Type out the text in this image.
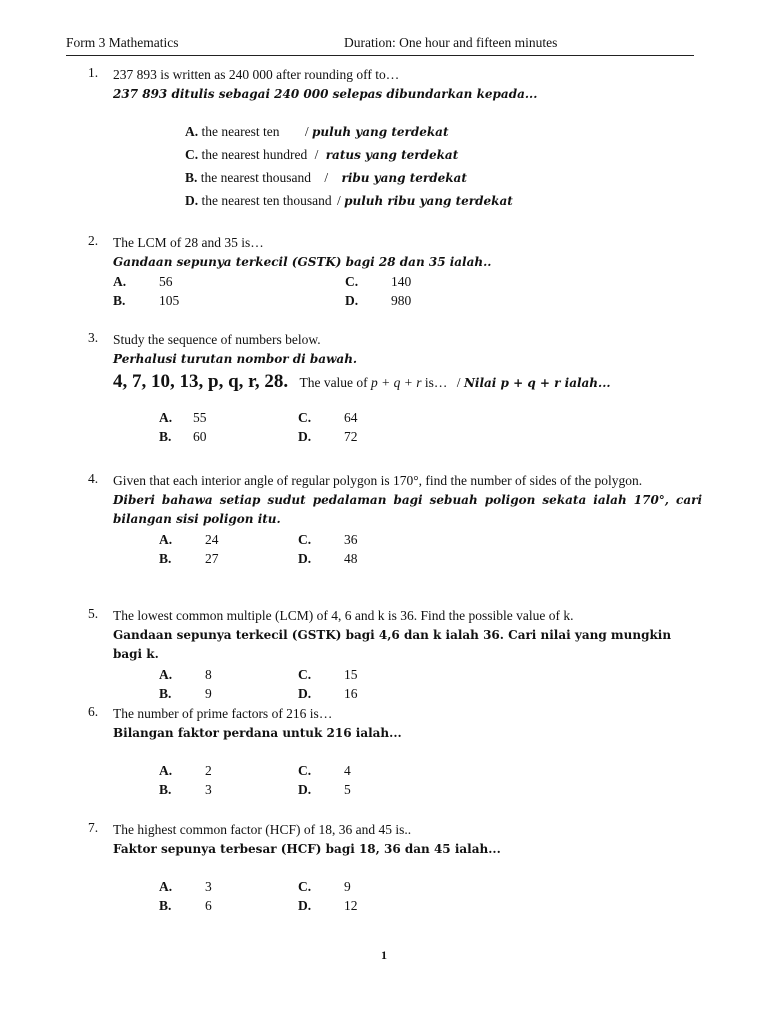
Form 3 Mathematics	Duration: One hour and fifteen minutes
1. 237 893 is written as 240 000 after rounding off to…
237 893 ditulis sebagai 240 000 selepas dibundarkan kepada...
A. the nearest ten / puluh yang terdekat
C. the nearest hundred / ratus yang terdekat
B. the nearest thousand / ribu yang terdekat
D. the nearest ten thousand / puluh ribu yang terdekat
2. The LCM of 28 and 35 is…
Gandaan sepunya terkecil (GSTK) bagi 28 dan 35 ialah..
A. 56	C. 140
B. 105	D. 980
3. Study the sequence of numbers below.
Perhalusi turutan nombor di bawah.
4, 7, 10, 13, p, q, r, 28. The value of p + q + r is… / Nilai p + q + r ialah...
A. 55	C. 64
B. 60	D. 72
4. Given that each interior angle of regular polygon is 170°, find the number of sides of the polygon.
Diberi bahawa setiap sudut pedalaman bagi sebuah poligon sekata ialah 170°, cari bilangan sisi poligon itu.
A. 24	C. 36
B. 27	D. 48
5. The lowest common multiple (LCM) of 4, 6 and k is 36. Find the possible value of k.
Gandaan sepunya terkecil (GSTK) bagi 4,6 dan k ialah 36. Cari nilai yang mungkin bagi k.
A. 8	C. 15
B. 9	D. 16
6. The number of prime factors of 216 is…
Bilangan faktor perdana untuk 216 ialah...
A. 2	C. 4
B. 3	D. 5
7. The highest common factor (HCF) of 18, 36 and 45 is..
Faktor sepunya terbesar (HCF) bagi 18, 36 dan 45 ialah...
A. 3	C. 9
B. 6	D. 12
1
